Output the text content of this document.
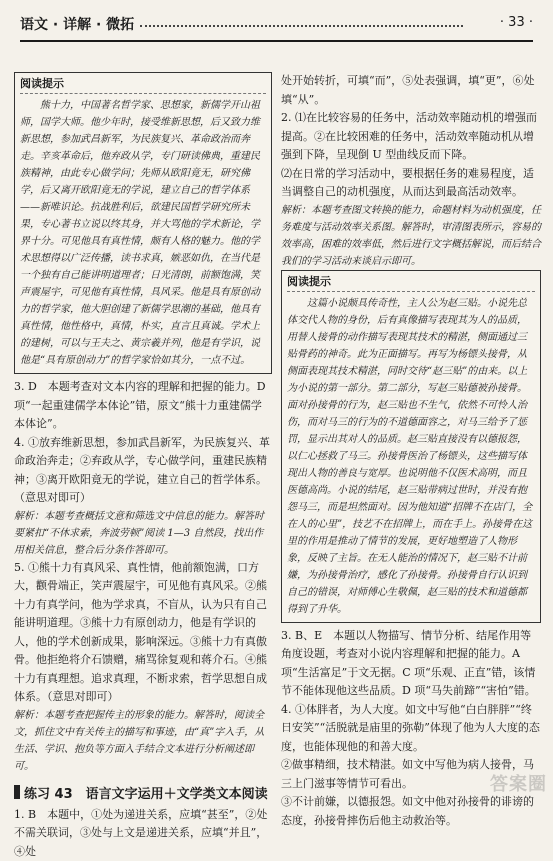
语文 · 详解 · 微拓	· 33 ·
阅读提示
熊十力，中国著名哲学家、思想家，新儒学开山祖师，国学大师。他少年时，接受维新思想，后又致力维新思想，参加武昌新军，为民族复兴、革命政治而奔走。辛亥革命后，他弃政从学，专门研读佛典，重建民族精神，由此专心做学问；先师从欧阳竟无，研究佛学，后又离开欧阳竟无的学说，建立自己的哲学体系——新唯识论。抗战胜利后，欲建民国哲学研究所未果，专心著书立说以终其身，并大骂他的学术新论，学界十分。可见他具有真性情，颇有人格的魅力。他的学术思想得以广泛传播，读书求真，嫉恶如仇，在当代是一个独有自己能讲明道理者；日光清朗，前额饱满，笑声震屋宇，可见他有真性情，具风采。他是具有原创动力的哲学家，他大胆创建了新儒学思潮的基础，他具有真性情，他性格中，真情，朴实，直言且真诚。学术上的建树，可以与王夫之、黄宗羲并列，他是有学识，说他是“具有原创动力”的哲学家恰如其分，一点不过。

3. D　本题考查对文本内容的理解和把握的能力。D项“一起重建儒学本体论”错，原文“熊十力重建儒学本体论”。

4. ①放弃维新思想，参加武昌新军，为民族复兴、革命政治奔走；②弃政从学，专心做学问，重建民族精神；③离开欧阳竟无的学说，建立自己的哲学体系。（意思对即可）

解析：本题考查概括文意和筛选文中信息的能力。解答时要紧扣“不休求索，奔波劳顿”阅读 1—3 自然段，找出作用相关信息，整合后分条作答即可。

5. ①熊十力有真风采、真性情，他前额饱满，口方大，颧骨端正，笑声震屋宇，可见他有真风采。②熊十力有真学问，他为学求真，不盲从，认为只有自己能讲明道理。③熊十力有原创动力，他是有学识的人，他的学术创新成果，影响深远。③熊十力有真傲骨。他拒绝将介石馈赠，痛骂徐复观和蒋介石。④熊十力有真理想。追求真理，不断求索，哲学思想自成体系。（意思对即可）

解析：本题考查把握传主的形象的能力。解答时，阅读全文，抓住文中有关传主的描写和事迹，由“真”字入手，从生活、学识、抱负等方面入手结合文本进行分析阐述即可。

练习 43　语言文字运用＋文学类文本阅读

1. B　本题中，①处为递进关系，应填“甚至”，②处不需关联词，③处与上文是递进关系，应填“并且”，④处

处开始转折，可填“而”，⑤处表强调，填“更”，⑥处填“从”。

2. ⑴在比较容易的任务中，活动效率随动机的增强而提高。②在比较困难的任务中，活动效率随动机从增强到下降，呈现倒 U 型曲线反而下降。

⑵在日常的学习活动中，要根据任务的难易程度，适当调整自己的动机强度，从而达到最高活动效率。

解析：本题考查图文转换的能力，命题材料为动机强度，任务难度与活动效率关系图。解答时，审清图表所示，容易的效率高，困难的效率低，然后进行文字概括解说，而后结合我们的学习活动来谈启示即可。

阅读提示
这篇小说颇具传奇性，主人公为赵三贴。小说先总体交代人物的身份，后有真像描写表现其为人的品质，用替人接骨的动作描写表现其技术的精湛，侧面通过三贴骨药的神奇。此为正面描写。再写为杨镖头接骨，从侧面表现其技术精湛，同时交待“赵三贴”的由来。以上为小说的第一部分。第二部分，写赵三贴德被孙接骨。面对孙接骨的行为，赵三贴也不生气，依然不可怜人治伤，而对马三的行为的不道德面容之，对马三给予了惩罚，显示出其对人的品质。赵三贴直接没有以德报怨，以仁心拯救了马三。孙接骨医治了杨镖头，这些描写体现出人物的善良与宽厚。也说明他不仅医术高明，而且医德高尚。小说的结尾，赵三贴带病过世时，并没有抱怨马三，而是坦然面对。因为他知道“招牌不在店门，全在人的心里”，技艺不在招牌上，而在手上。孙接骨在这里的作用是推动了情节的发展，更好地塑造了人物形象，反映了主旨。在无人能治的情况下，赵三贴不计前嫌，为孙接骨治疗，感化了孙接骨。孙接骨自行认识到自己的错误，对师傅心生敬佩，赵三贴的技术和道德都得到了升华。

3. B、E　本题以人物描写、情节分析、结尾作用等角度设题，考查对小说内容理解和把握的能力。A 项“生活富足”于文无据。C 项“乐观、正直”错，该情节不能体现他这些品质。D 项“马失前蹄”“害怕”错。

4. ①体胖者，为人大度。如文中写他“白白胖胖”“终日安笑”“活脱就是庙里的弥勒”体现了他为人大度的态度，也能体现他的和善大度。

②做事精细，技术精湛。如文中写他为病人接骨，马三上门滋事等情节可看出。

③不计前嫌，以德报怨。如文中他对孙接骨的诽谤的态度，孙接骨摔伤后他主动救治等。

答案圈
